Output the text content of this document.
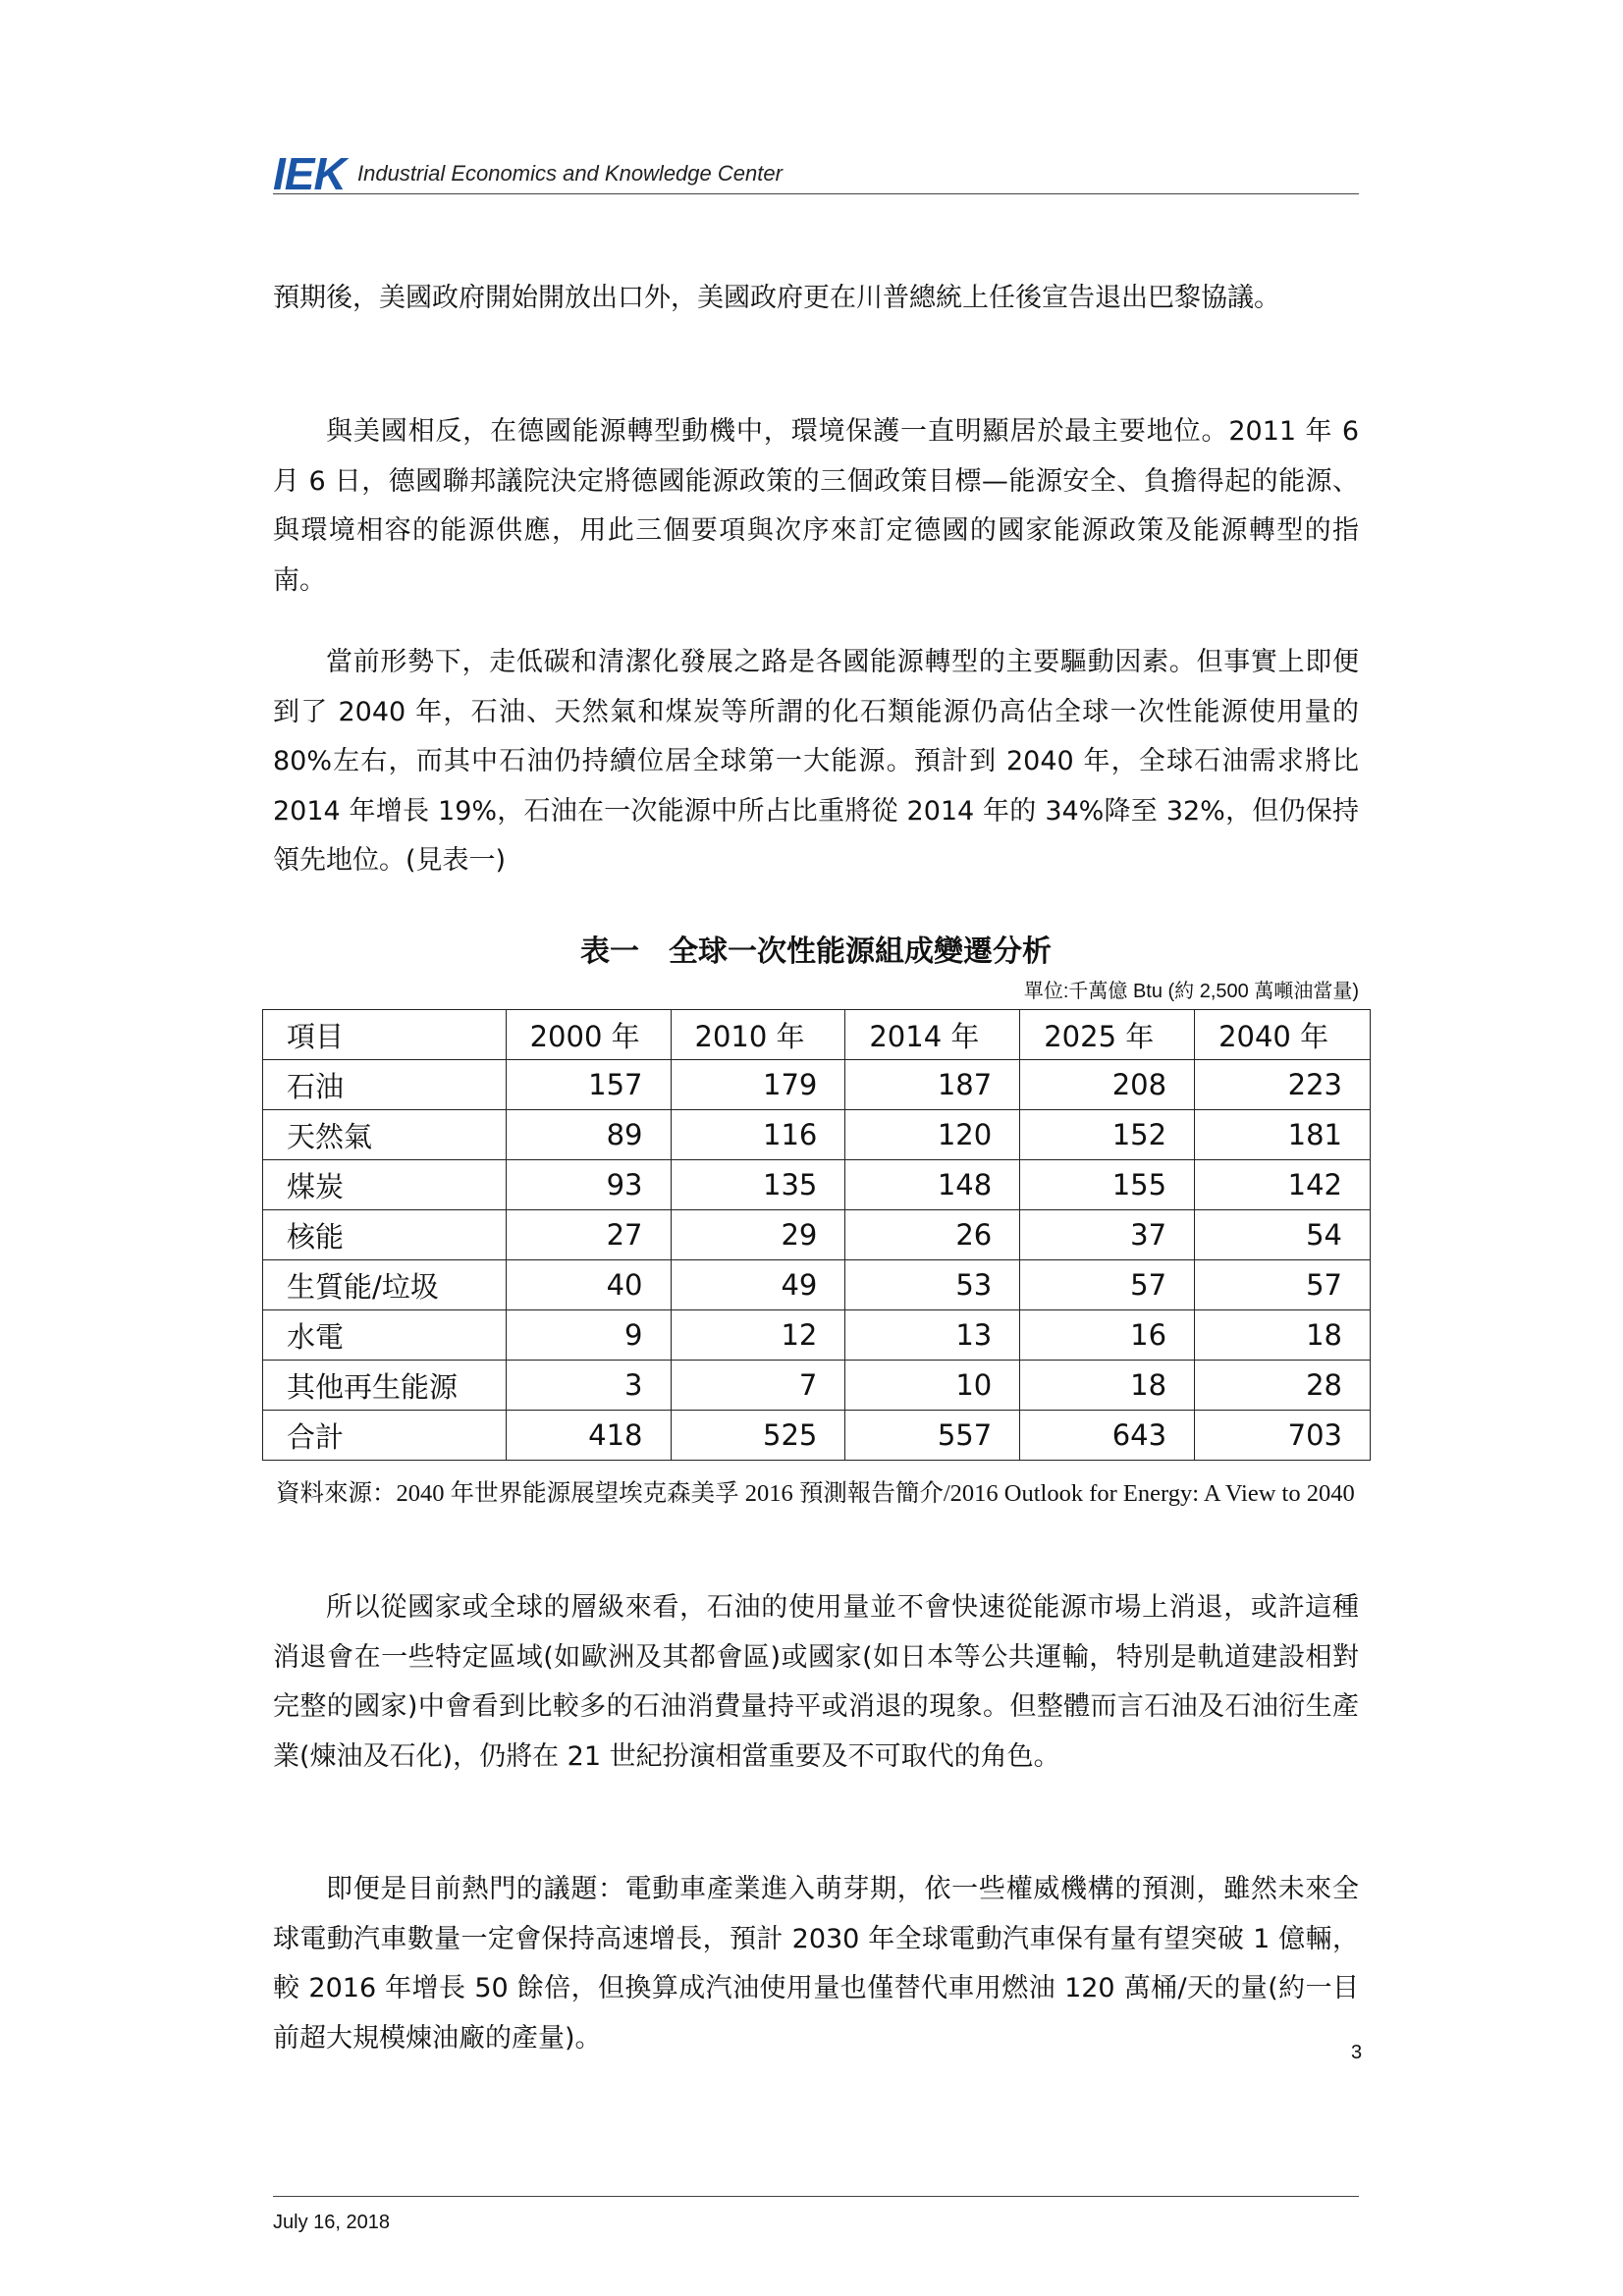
IEK Industrial Economics and Knowledge Center

預期後，美國政府開始開放出口外，美國政府更在川普總統上任後宣告退出巴黎協議。

與美國相反，在德國能源轉型動機中，環境保護一直明顯居於最主要地位。2011 年 6 月 6 日，德國聯邦議院決定將德國能源政策的三個政策目標—能源安全、負擔得起的能源、與環境相容的能源供應，用此三個要項與次序來訂定德國的國家能源政策及能源轉型的指南。

當前形勢下，走低碳和清潔化發展之路是各國能源轉型的主要驅動因素。但事實上即便到了 2040 年，石油、天然氣和煤炭等所謂的化石類能源仍高佔全球一次性能源使用量的 80%左右，而其中石油仍持續位居全球第一大能源。預計到 2040 年，全球石油需求將比 2014 年增長 19%，石油在一次能源中所占比重將從 2014 年的 34%降至 32%，但仍保持領先地位。(見表一)

表一　全球一次性能源組成變遷分析
單位:千萬億 Btu (約 2,500 萬噸油當量)
項目	2000 年	2010 年	2014 年	2025 年	2040 年
石油	157	179	187	208	223
天然氣	89	116	120	152	181
煤炭	93	135	148	155	142
核能	27	29	26	37	54
生質能/垃圾	40	49	53	57	57
水電	9	12	13	16	18
其他再生能源	3	7	10	18	28
合計	418	525	557	643	703
資料來源：2040 年世界能源展望埃克森美孚 2016 預測報告簡介/2016 Outlook for Energy: A View to 2040

所以從國家或全球的層級來看，石油的使用量並不會快速從能源市場上消退，或許這種消退會在一些特定區域(如歐洲及其都會區)或國家(如日本等公共運輸，特別是軌道建設相對完整的國家)中會看到比較多的石油消費量持平或消退的現象。但整體而言石油及石油衍生產業(煉油及石化)，仍將在 21 世紀扮演相當重要及不可取代的角色。

即便是目前熱門的議題：電動車產業進入萌芽期，依一些權威機構的預測，雖然未來全球電動汽車數量一定會保持高速增長，預計 2030 年全球電動汽車保有量有望突破 1 億輛，較 2016 年增長 50 餘倍，但換算成汽油使用量也僅替代車用燃油 120 萬桶/天的量(約一目前超大規模煉油廠的產量)。	3
July 16, 2018
